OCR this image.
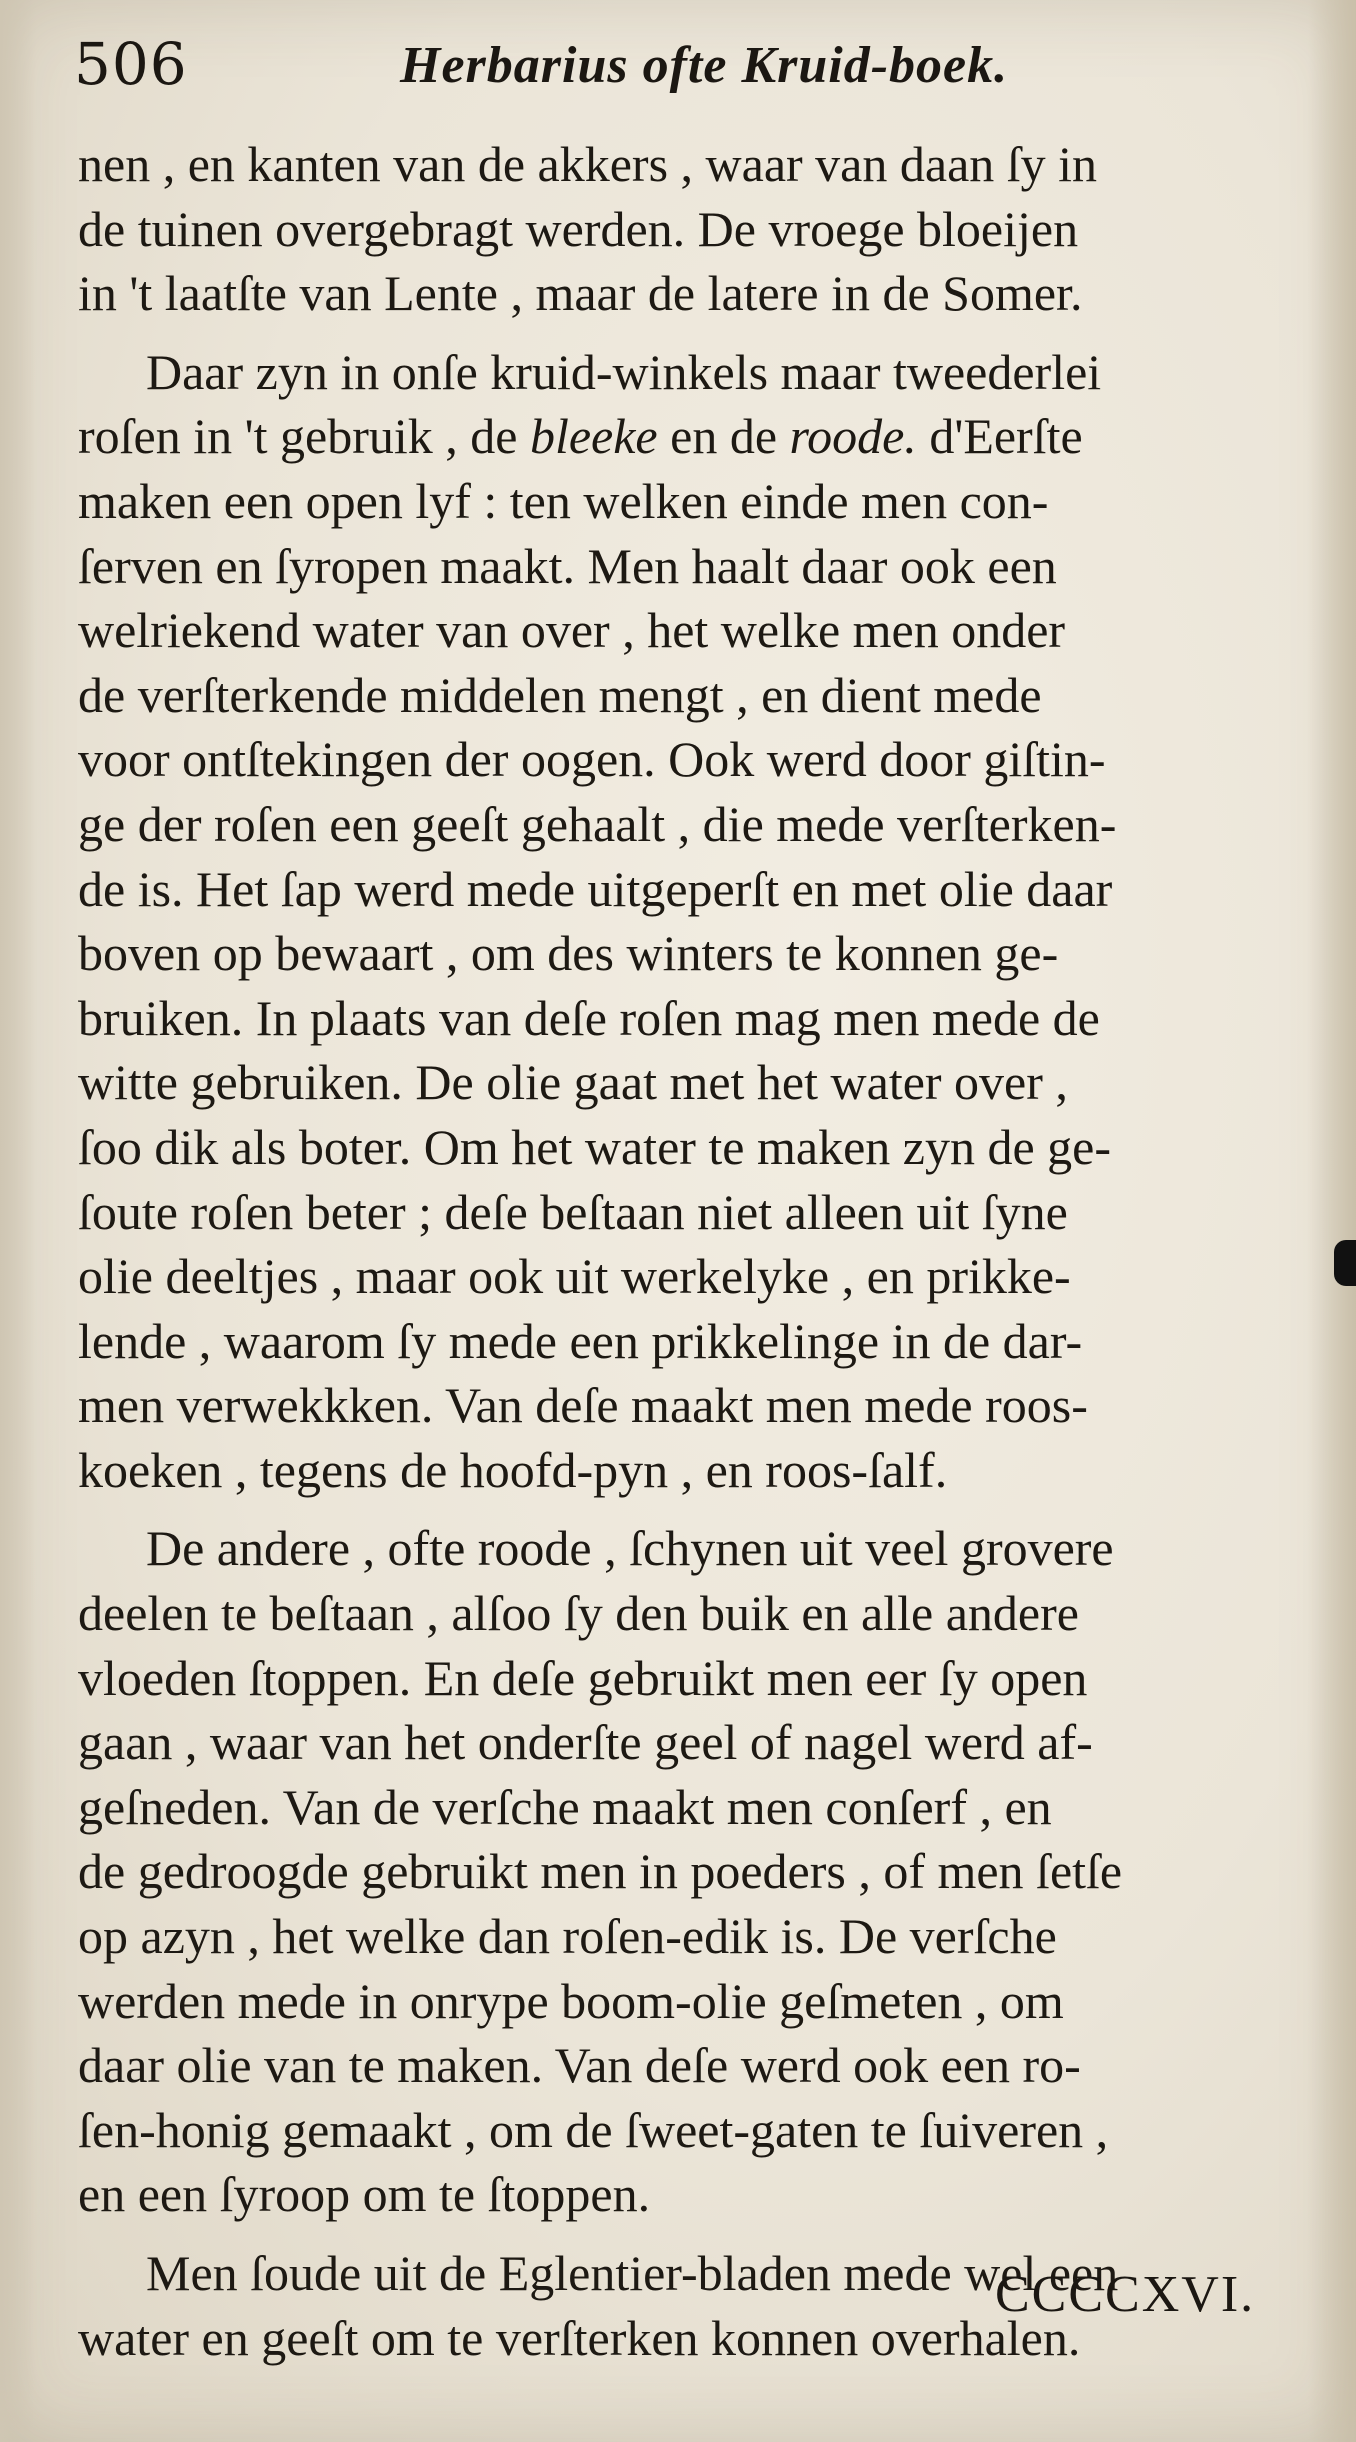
506	Herbarius ofte Kruid-boek.
nen , en kanten van de akkers , waar van daan ſy in
de tuinen overgebragt werden. De vroege bloeijen
in 't laatſte van Lente , maar de latere in de Somer.
Daar zyn in onſe kruid-winkels maar tweederlei
roſen in 't gebruik , de bleeke en de roode. d'Eerſte
maken een open lyf : ten welken einde men con-
ſerven en ſyropen maakt. Men haalt daar ook een
welriekend water van over , het welke men onder
de verſterkende middelen mengt , en dient mede
voor ontſtekingen der oogen. Ook werd door giſtin-
ge der roſen een geeſt gehaalt , die mede verſterken-
de is. Het ſap werd mede uitgeperſt en met olie daar
boven op bewaart , om des winters te konnen ge-
bruiken. In plaats van deſe roſen mag men mede de
witte gebruiken. De olie gaat met het water over ,
ſoo dik als boter. Om het water te maken zyn de ge-
ſoute roſen beter ; deſe beſtaan niet alleen uit ſyne
olie deeltjes , maar ook uit werkelyke , en prikke-
lende , waarom ſy mede een prikkelinge in de dar-
men verwekkken. Van deſe maakt men mede roos-
koeken , tegens de hoofd-pyn , en roos-ſalf.
De andere , ofte roode , ſchynen uit veel grovere
deelen te beſtaan , alſoo ſy den buik en alle andere
vloeden ſtoppen. En deſe gebruikt men eer ſy open
gaan , waar van het onderſte geel of nagel werd af-
geſneden. Van de verſche maakt men conſerf , en
de gedroogde gebruikt men in poeders , of men ſetſe
op azyn , het welke dan roſen-edik is. De verſche
werden mede in onrype boom-olie geſmeten , om
daar olie van te maken. Van deſe werd ook een ro-
ſen-honig gemaakt , om de ſweet-gaten te ſuiveren ,
en een ſyroop om te ſtoppen.
Men ſoude uit de Eglentier-bladen mede wel een
water en geeſt om te verſterken konnen overhalen.
CCCCXVI.
